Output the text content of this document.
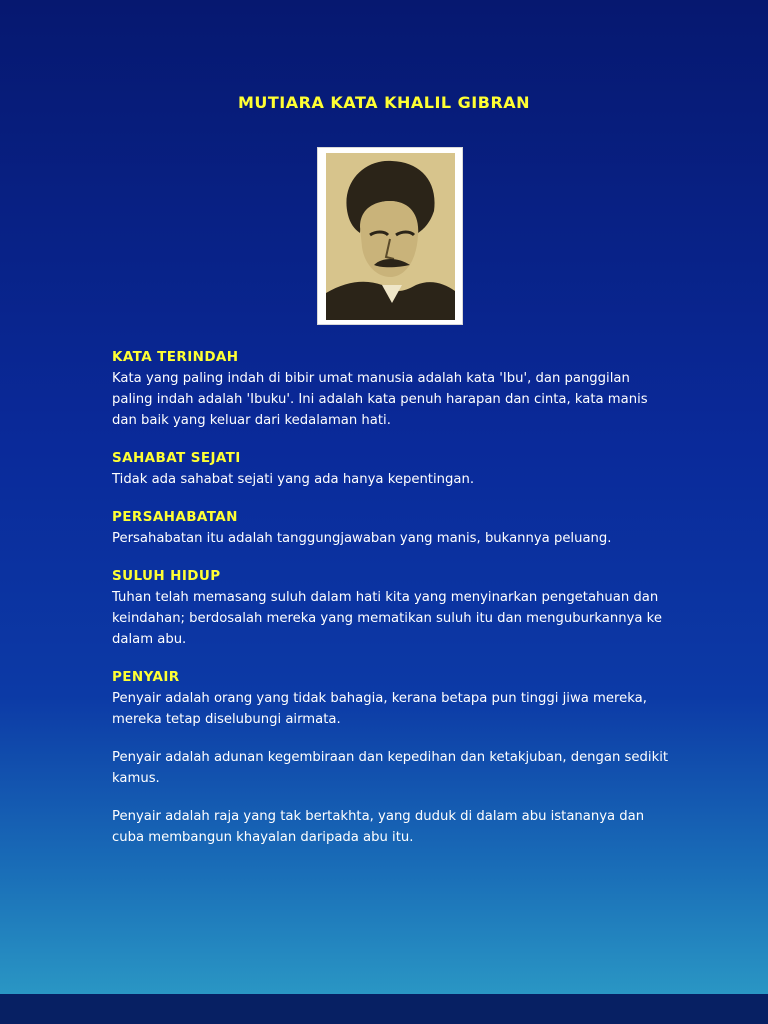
MUTIARA KATA KHALIL GIBRAN
KATA TERINDAH
Kata yang paling indah di bibir umat manusia adalah kata 'Ibu', dan panggilan paling indah adalah 'Ibuku'. Ini adalah kata penuh harapan dan cinta, kata manis dan baik yang keluar dari kedalaman hati.
SAHABAT SEJATI
Tidak ada sahabat sejati yang ada hanya kepentingan.
PERSAHABATAN
Persahabatan itu adalah tanggungjawaban yang manis, bukannya peluang.
SULUH HIDUP
Tuhan telah memasang suluh dalam hati kita yang menyinarkan pengetahuan dan keindahan; berdosalah mereka yang mematikan suluh itu dan menguburkannya ke dalam abu.
PENYAIR
Penyair adalah orang yang tidak bahagia, kerana betapa pun tinggi jiwa mereka, mereka tetap diselubungi airmata.
Penyair adalah adunan kegembiraan dan kepedihan dan ketakjuban, dengan sedikit kamus.
Penyair adalah raja yang tak bertakhta, yang duduk di dalam abu istananya dan cuba membangun khayalan daripada abu itu.
